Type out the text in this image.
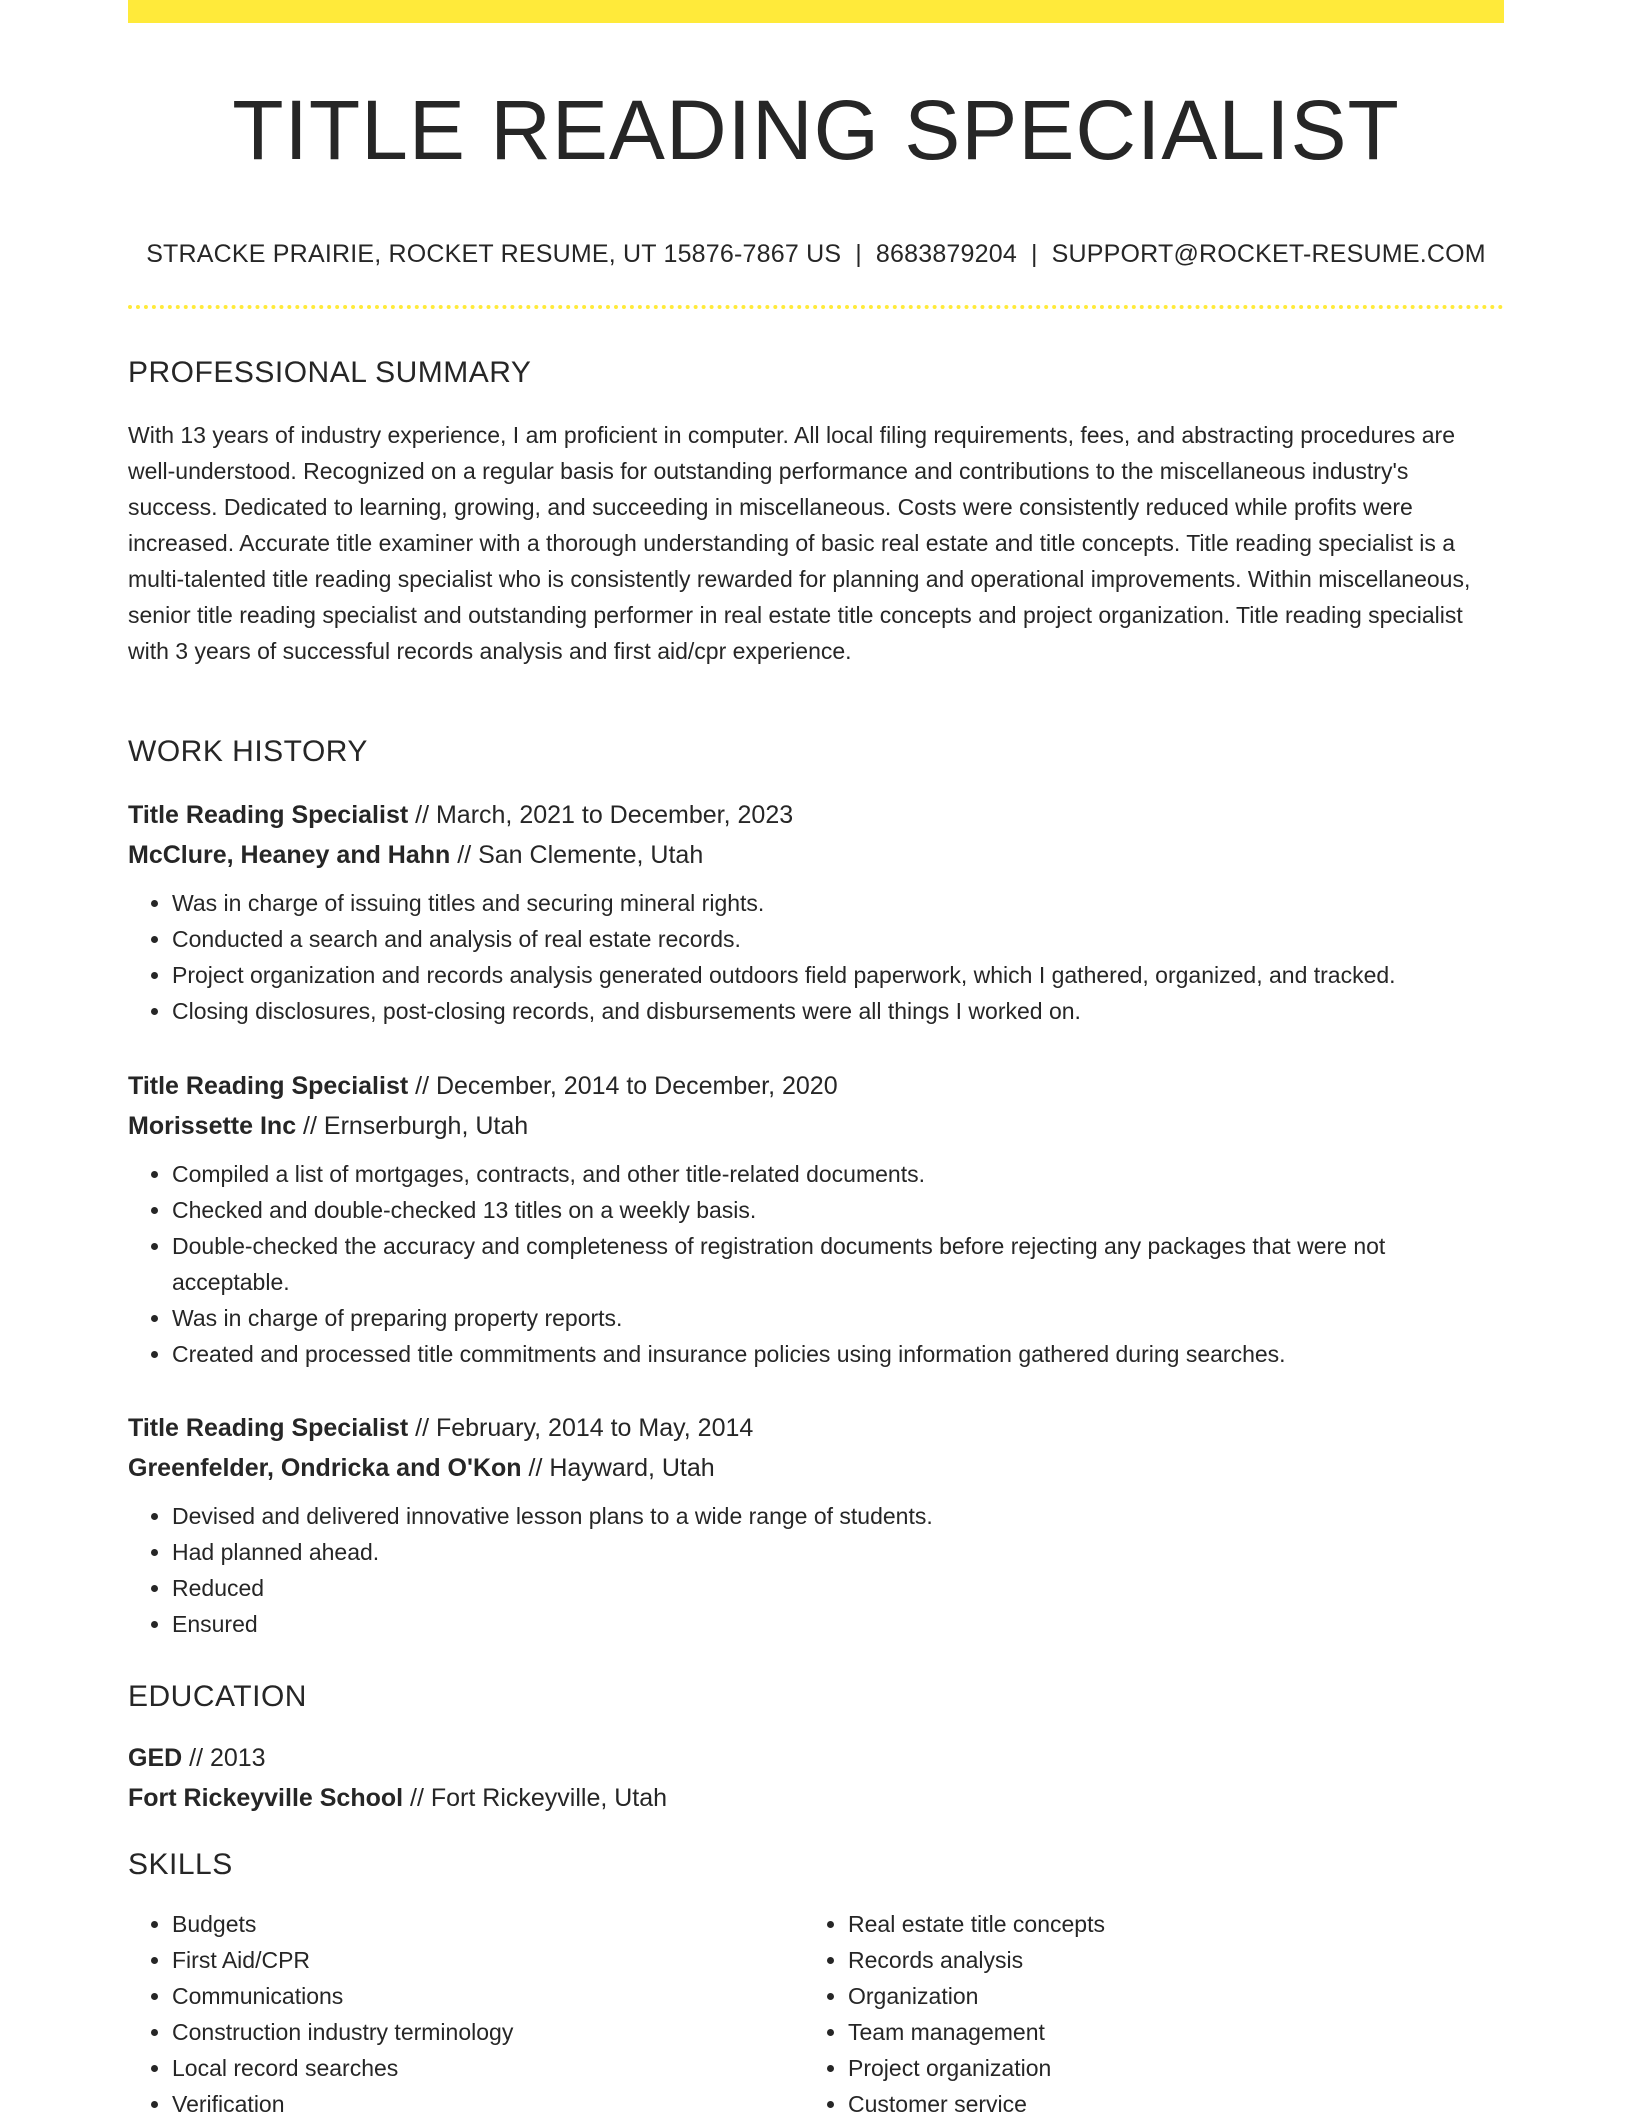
TITLE READING SPECIALIST
STRACKE PRAIRIE, ROCKET RESUME, UT 15876-7867 US | 8683879204 | SUPPORT@ROCKET-RESUME.COM
PROFESSIONAL SUMMARY

With 13 years of industry experience, I am proficient in computer. All local filing requirements, fees, and abstracting procedures are well-understood. Recognized on a regular basis for outstanding performance and contributions to the miscellaneous industry's success. Dedicated to learning, growing, and succeeding in miscellaneous. Costs were consistently reduced while profits were increased. Accurate title examiner with a thorough understanding of basic real estate and title concepts. Title reading specialist is a multi-talented title reading specialist who is consistently rewarded for planning and operational improvements. Within miscellaneous, senior title reading specialist and outstanding performer in real estate title concepts and project organization. Title reading specialist with 3 years of successful records analysis and first aid/cpr experience.

WORK HISTORY
Title Reading Specialist // March, 2021 to December, 2023
McClure, Heaney and Hahn // San Clemente, Utah
• Was in charge of issuing titles and securing mineral rights.
• Conducted a search and analysis of real estate records.
• Project organization and records analysis generated outdoors field paperwork, which I gathered, organized, and tracked.
• Closing disclosures, post-closing records, and disbursements were all things I worked on.
Title Reading Specialist // December, 2014 to December, 2020
Morissette Inc // Ernserburgh, Utah
• Compiled a list of mortgages, contracts, and other title-related documents.
• Checked and double-checked 13 titles on a weekly basis.
• Double-checked the accuracy and completeness of registration documents before rejecting any packages that were not acceptable.
• Was in charge of preparing property reports.
• Created and processed title commitments and insurance policies using information gathered during searches.
Title Reading Specialist // February, 2014 to May, 2014
Greenfelder, Ondricka and O'Kon // Hayward, Utah
• Devised and delivered innovative lesson plans to a wide range of students.
• Had planned ahead.
• Reduced
• Ensured
EDUCATION
GED // 2013
Fort Rickeyville School // Fort Rickeyville, Utah
SKILLS
• Budgets
• First Aid/CPR
• Communications
• Construction industry terminology
• Local record searches
• Verification
• Real estate title concepts
• Records analysis
• Organization
• Team management
• Project organization
• Customer service
